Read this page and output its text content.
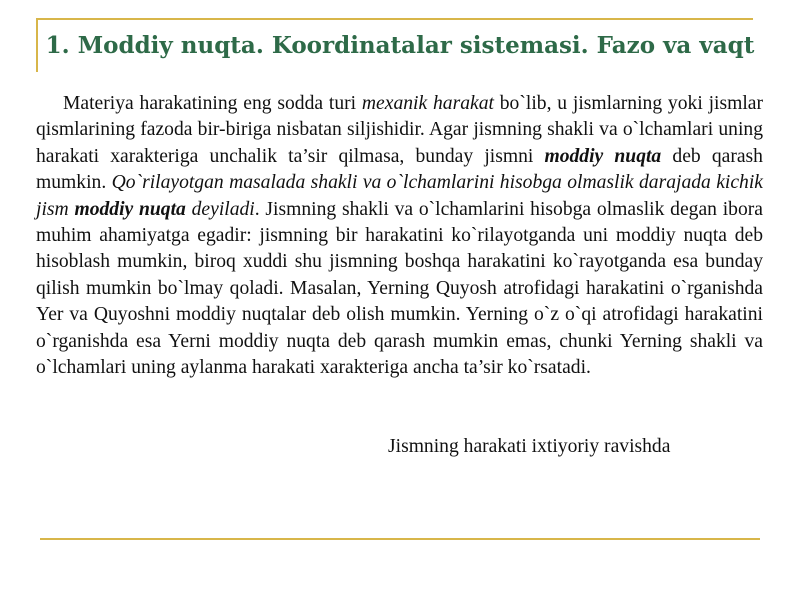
1. Moddiy nuqta. Koordinatalar sistemasi. Fazo va vaqt

Materiya harakatining eng sodda turi mexanik harakat bo`lib, u jismlarning yoki jismlar qismlarining fazoda bir-biriga nisbatan siljishidir. Agar jismning shakli va o`lchamlari uning harakati xarakteriga unchalik ta’sir qilmasa, bunday jismni moddiy nuqta deb qarash mumkin. Qo`rilayotgan masalada shakli va o`lchamlarini hisobga olmaslik darajada kichik jism moddiy nuqta deyiladi. Jismning shakli va o`lchamlarini hisobga olmaslik degan ibora muhim ahamiyatga egadir: jismning bir harakatini ko`rilayotganda uni moddiy nuqta deb hisoblash mumkin, biroq xuddi shu jismning boshqa harakatini ko`rayotganda esa bunday qilish mumkin bo`lmay qoladi. Masalan, Yerning Quyosh atrofidagi harakatini o`rganishda Yer va Quyoshni moddiy nuqtalar deb olish mumkin. Yerning o`z o`qi atrofidagi harakatini o`rganishda esa Yerni moddiy nuqta deb qarash mumkin emas, chunki Yerning shakli va o`lchamlari uning aylanma harakati xarakteriga ancha ta’sir ko`rsatadi.

Jismning harakati ixtiyoriy ravishda
